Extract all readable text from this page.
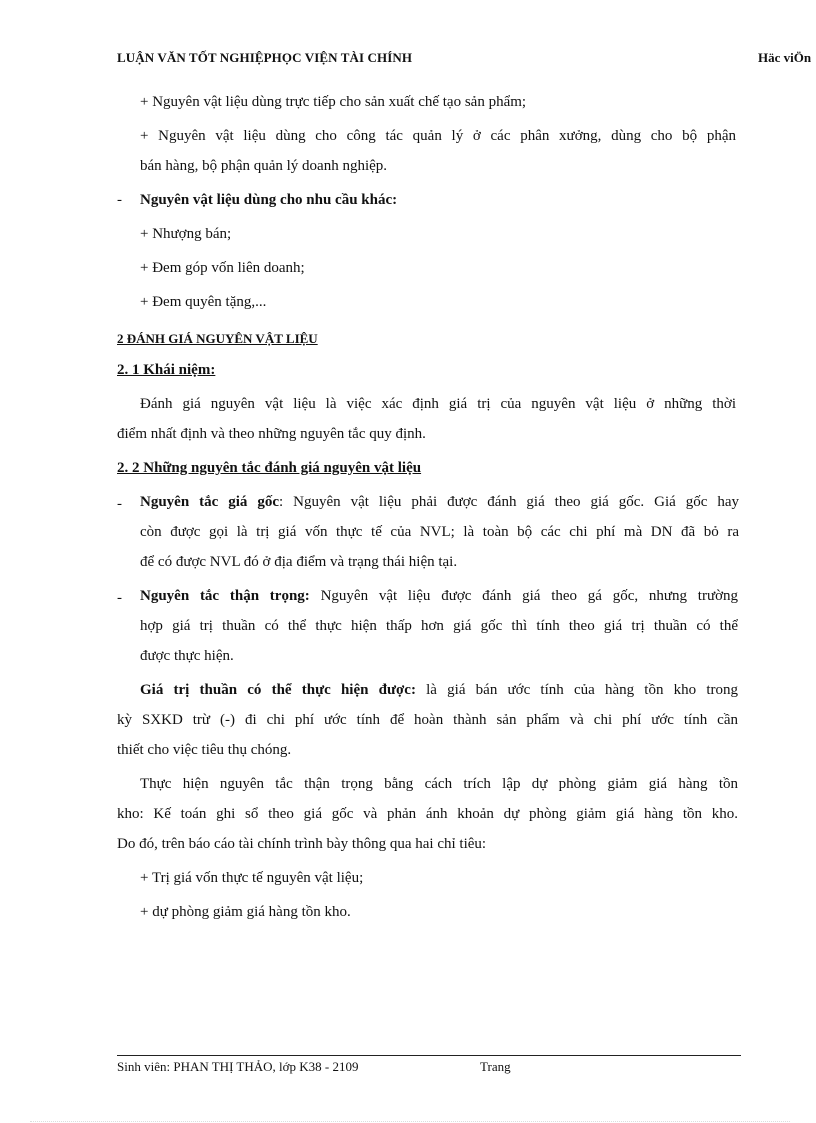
LUẬN VĂN TỐT NGHIỆPHỌC VIỆN TÀI CHÍNH	Häc viÖn
+ Nguyên vật liệu dùng trực tiếp cho sản xuất chế tạo sản phẩm;
+ Nguyên vật liệu dùng cho công tác quản lý ở các phân xưởng, dùng cho bộ phận
bán hàng, bộ phận quản lý doanh nghiệp.
- Nguyên vật liệu dùng cho nhu cầu khác:
+ Nhượng bán;
+ Đem góp vốn liên doanh;
+ Đem quyên tặng,...
2 ĐÁNH GIÁ NGUYÊN VẬT LIỆU
2. 1 Khái niệm:
Đánh giá nguyên vật liệu là việc xác định giá trị của nguyên vật liệu ở những thời
điểm nhất định và theo những nguyên tắc quy định.
2. 2 Những nguyên tắc đánh giá nguyên vật liệu
- Nguyên tắc giá gốc: Nguyên vật liệu phải được đánh giá theo giá gốc. Giá gốc hay
còn được gọi là trị giá vốn thực tế của NVL; là toàn bộ các chi phí mà DN đã bỏ ra
để có được NVL đó ở địa điểm và trạng thái hiện tại.
- Nguyên tắc thận trọng: Nguyên vật liệu được đánh giá theo gá gốc, nhưng trường
hợp giá trị thuần có thể thực hiện thấp hơn giá gốc thì tính theo giá trị thuần có thể
được thực hiện.
Giá trị thuần có thể thực hiện được: là giá bán ước tính của hàng tồn kho trong
kỳ SXKD trừ (-) đi chi phí ước tính để hoàn thành sản phẩm và chi phí ước tính cần
thiết cho việc tiêu thụ chóng.
Thực hiện nguyên tắc thận trọng bằng cách trích lập dự phòng giảm giá hàng tồn
kho: Kế toán ghi sổ theo giá gốc và phản ánh khoản dự phòng giảm giá hàng tồn kho.
Do đó, trên báo cáo tài chính trình bày thông qua hai chỉ tiêu:
+ Trị giá vốn thực tế nguyên vật liệu;
+ dự phòng giảm giá hàng tồn kho.
Sinh viên: PHAN THỊ THẢO, lớp K38 - 2109	Trang
